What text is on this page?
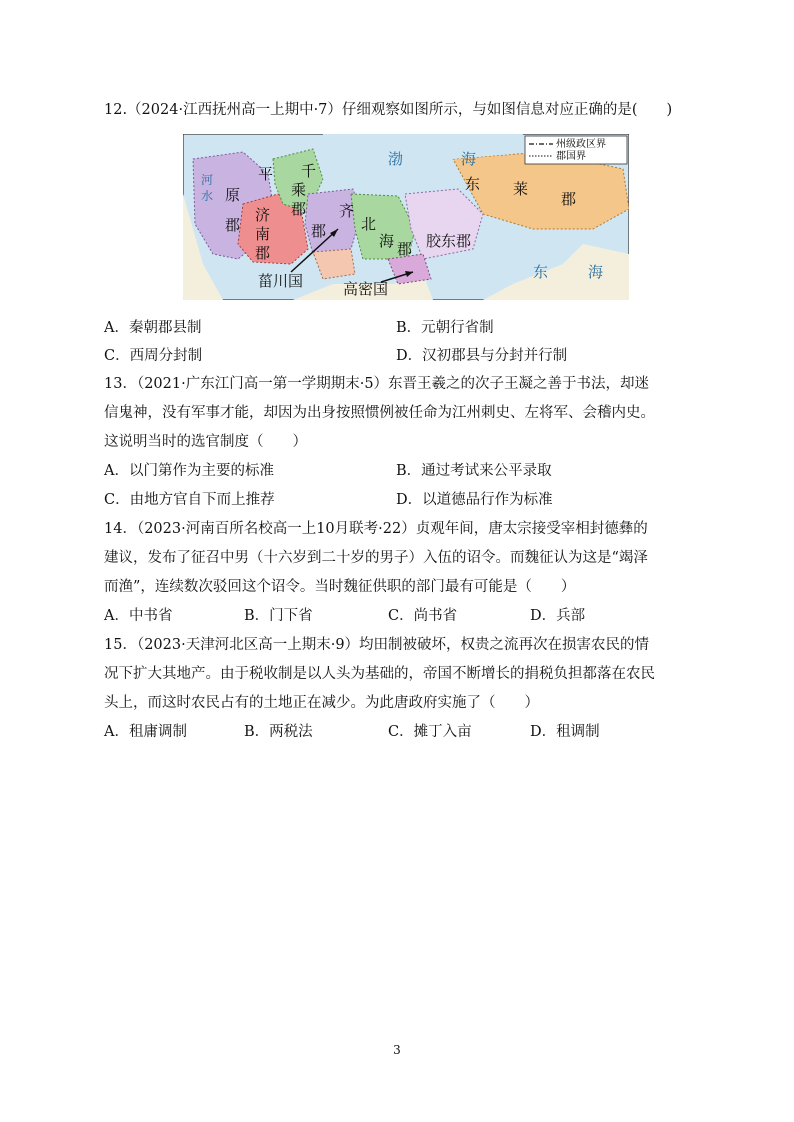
12.（2024·江西抚州高一上期中·7）仔细观察如图所示，与如图信息对应正确的是(　　)
州级政区界
郡国界
河
水 原
郡
平 千
乘
郡
济
南
郡
齐
郡 北
海 郡
渤	海
东 莱
郡
胶东郡
菑川国	高密国
东	海
A．秦朝郡县制	B．元朝行省制
C．西周分封制	D．汉初郡县与分封并行制
13．（2021·广东江门高一第一学期期末·5）东晋王羲之的次子王凝之善于书法，却迷
信鬼神，没有军事才能，却因为出身按照惯例被任命为江州刺史、左将军、会稽内史。
这说明当时的选官制度（　　）
A．以门第作为主要的标准	B．通过考试来公平录取
C．由地方官自下而上推荐	D．以道德品行作为标准
14．（2023·河南百所名校高一上10月联考·22）贞观年间，唐太宗接受宰相封德彝的
建议，发布了征召中男（十六岁到二十岁的男子）入伍的诏令。而魏征认为这是“竭泽
而渔”，连续数次驳回这个诏令。当时魏征供职的部门最有可能是（　　）
A．中书省	B．门下省	C．尚书省	D．兵部
15．（2023·天津河北区高一上期末·9）均田制被破坏，权贵之流再次在损害农民的情
况下扩大其地产。由于税收制是以人头为基础的，帝国不断增长的捐税负担都落在农民
头上，而这时农民占有的土地正在减少。为此唐政府实施了（　　）
A．租庸调制	B．两税法	C．摊丁入亩	D．租调制
3
